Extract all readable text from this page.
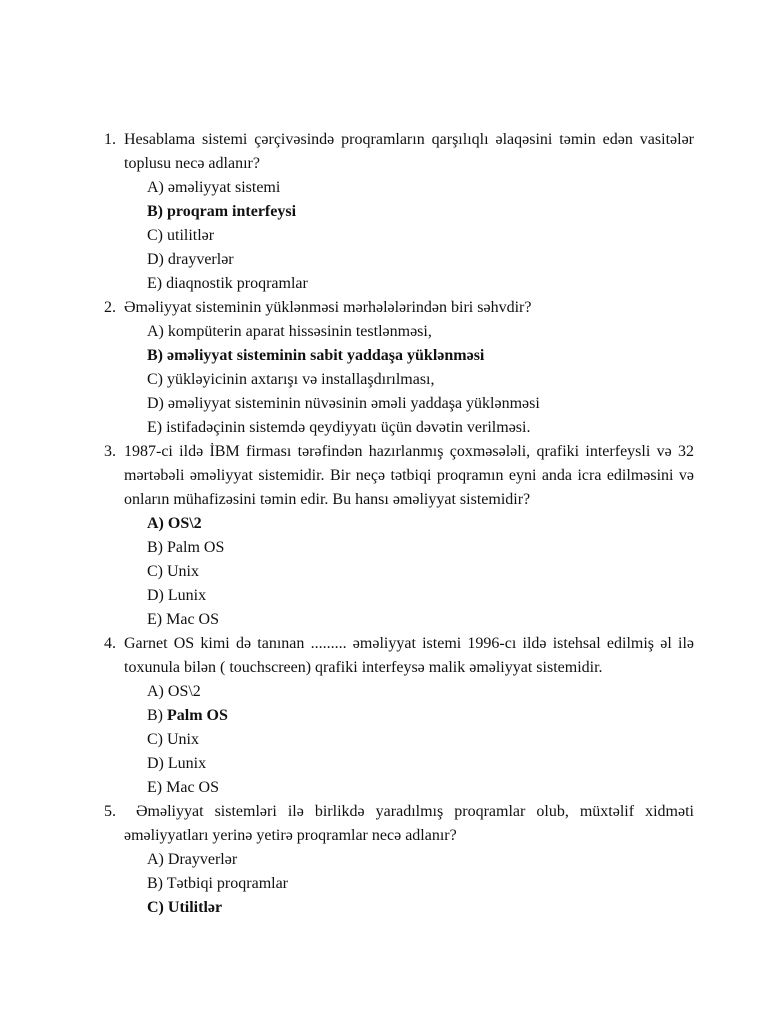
1. Hesablama sistemi çərçivəsində proqramların qarşılıqlı əlaqəsini təmin edən vasitələr toplusu necə adlanır?
A) əməliyyat sistemi
B) proqram interfeysi
C) utilitlər
D) drayverlər
E) diaqnostik proqramlar
2. Əməliyyat sisteminin yüklənməsi mərhələlərindən biri səhvdir?
A) kompüterin aparat hissəsinin testlənməsi,
B) əməliyyat sisteminin sabit yaddaşa yüklənməsi
C) yükləyicinin axtarışı və installaşdırılması,
D) əməliyyat sisteminin nüvəsinin əməli yaddaşa yüklənməsi
E) istifadəçinin sistemdə qeydiyyatı üçün dəvətin verilməsi.
3. 1987-ci ildə İBM firması tərəfindən hazırlanmış çoxməsələli, qrafiki interfeysli və 32 mərtəbəli əməliyyat sistemidir. Bir neçə tətbiqi proqramın eyni anda icra edilməsini və onların mühafizəsini təmin edir. Bu hansı əməliyyat sistemidir?
A) OS\2
B) Palm OS
C) Unix
D) Lunix
E) Mac OS
4. Garnet OS kimi də tanınan ......... əməliyyat istemi 1996-cı ildə istehsal edilmiş əl ilə toxunula bilən ( touchscreen) qrafiki interfeysə malik əməliyyat sistemidir.
A) OS\2
B) Palm OS
C) Unix
D) Lunix
E) Mac OS
5.	Əməliyyat sistemləri ilə birlikdə yaradılmış proqramlar olub, müxtəlif xidməti əməliyyatları yerinə yetirə proqramlar necə adlanır?
A) Drayverlər
B) Tətbiqi proqramlar
C) Utilitlər
